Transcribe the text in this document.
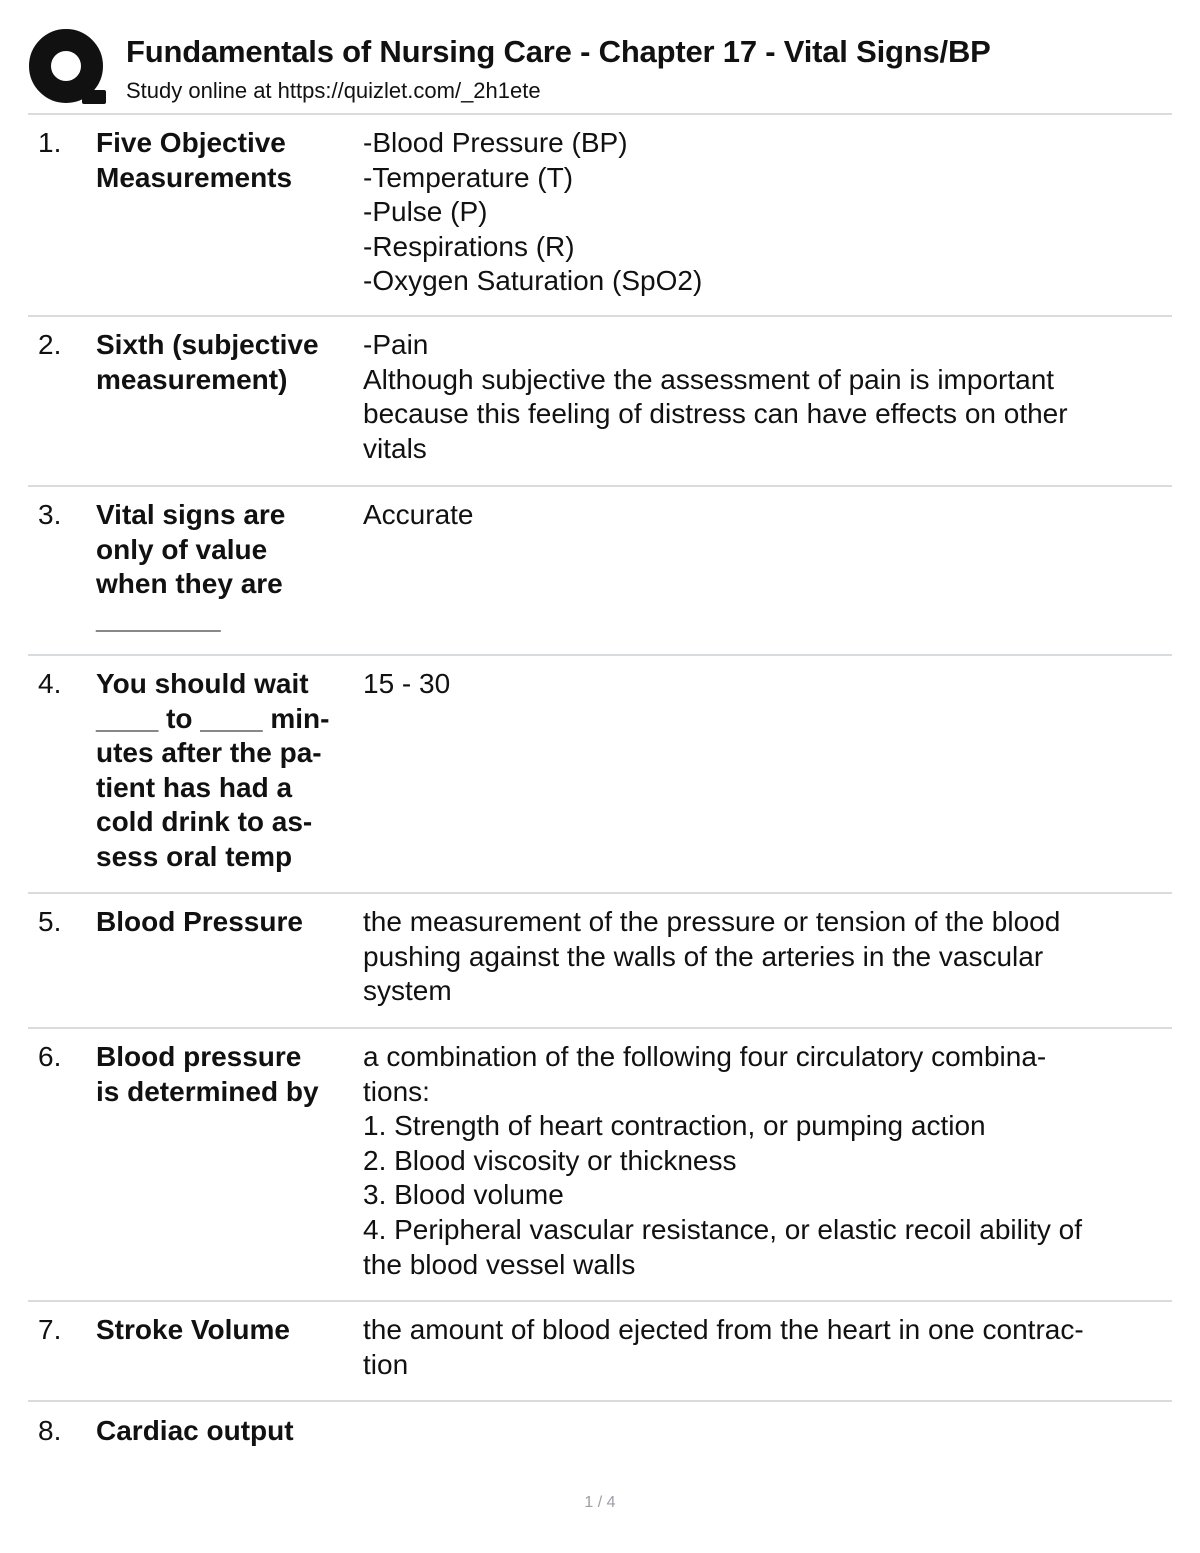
Fundamentals of Nursing Care - Chapter 17 - Vital Signs/BP
Study online at https://quizlet.com/_2h1ete
1. Five Objective
Measurements
-Blood Pressure (BP)
-Temperature (T)
-Pulse (P)
-Respirations (R)
-Oxygen Saturation (SpO2)
2. Sixth (subjective
measurement)
-Pain
Although subjective the assessment of pain is important
because this feeling of distress can have effects on other
vitals
3. Vital signs are
only of value
when they are
________
Accurate
4. You should wait
____ to ____ min-
utes after the pa-
tient has had a
cold drink to as-
sess oral temp
15 - 30
5. Blood Pressure	the measurement of the pressure or tension of the blood
pushing against the walls of the arteries in the vascular
system
6. Blood pressure
is determined by
a combination of the following four circulatory combina-
tions:
1. Strength of heart contraction, or pumping action
2. Blood viscosity or thickness
3. Blood volume
4. Peripheral vascular resistance, or elastic recoil ability of
the blood vessel walls
7. Stroke Volume	the amount of blood ejected from the heart in one contrac-
tion
8. Cardiac output
1 / 4
